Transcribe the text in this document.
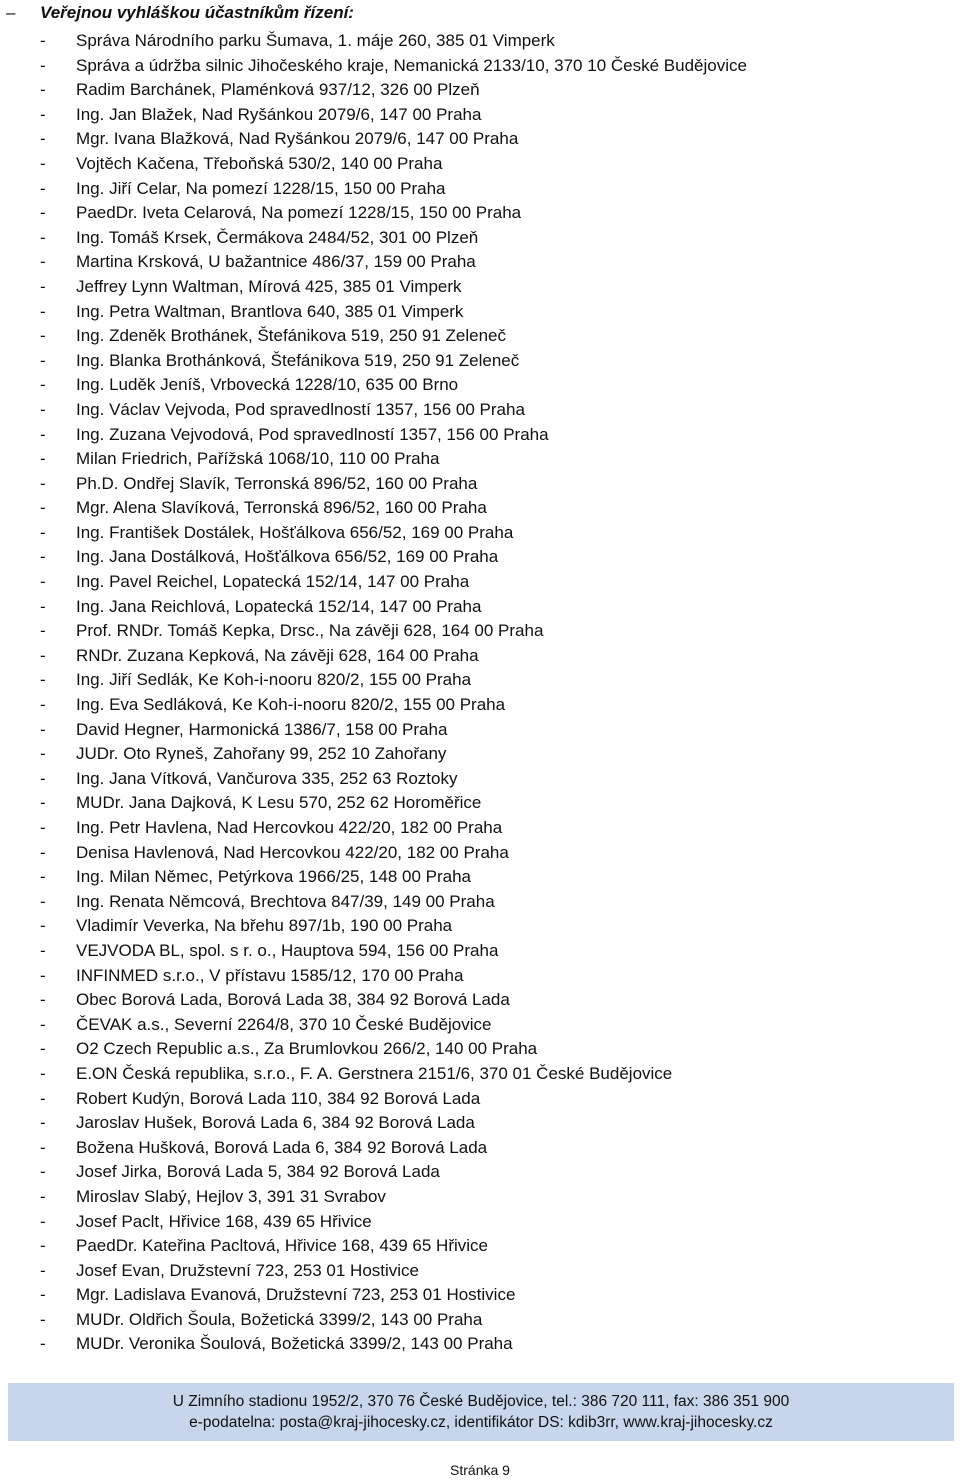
–	Veřejnou vyhláškou účastníkům řízení:
- Správa Národního parku Šumava, 1. máje 260, 385 01 Vimperk
- Správa a údržba silnic Jihočeského kraje, Nemanická 2133/10, 370 10 České Budějovice
- Radim Barchánek, Plaménková 937/12, 326 00 Plzeň
- Ing. Jan Blažek, Nad Ryšánkou 2079/6, 147 00 Praha
- Mgr. Ivana Blažková, Nad Ryšánkou 2079/6, 147 00 Praha
- Vojtěch Kačena, Třeboňská 530/2, 140 00 Praha
- Ing. Jiří Celar, Na pomezí 1228/15, 150 00 Praha
- PaedDr. Iveta Celarová, Na pomezí 1228/15, 150 00 Praha
- Ing. Tomáš Krsek, Čermákova 2484/52, 301 00 Plzeň
- Martina Krsková, U bažantnice 486/37, 159 00 Praha
- Jeffrey Lynn Waltman, Mírová 425, 385 01 Vimperk
- Ing. Petra Waltman, Brantlova 640, 385 01 Vimperk
- Ing. Zdeněk Brothánek, Štefánikova 519, 250 91 Zeleneč
- Ing. Blanka Brothánková, Štefánikova 519, 250 91 Zeleneč
- Ing. Luděk Jeníš, Vrbovecká 1228/10, 635 00 Brno
- Ing. Václav Vejvoda, Pod spravedlností 1357, 156 00 Praha
- Ing. Zuzana Vejvodová, Pod spravedlností 1357, 156 00 Praha
- Milan Friedrich, Pařížská 1068/10, 110 00 Praha
- Ph.D. Ondřej Slavík, Terronská 896/52, 160 00 Praha
- Mgr. Alena Slavíková, Terronská 896/52, 160 00 Praha
- Ing. František Dostálek, Hošťálkova 656/52, 169 00 Praha
- Ing. Jana Dostálková, Hošťálkova 656/52, 169 00 Praha
- Ing. Pavel Reichel, Lopatecká 152/14, 147 00 Praha
- Ing. Jana Reichlová, Lopatecká 152/14, 147 00 Praha
- Prof. RNDr. Tomáš Kepka, Drsc., Na závěji 628, 164 00 Praha
- RNDr. Zuzana Kepková, Na závěji 628, 164 00 Praha
- Ing. Jiří Sedlák, Ke Koh-i-nooru 820/2, 155 00 Praha
- Ing. Eva Sedláková, Ke Koh-i-nooru 820/2, 155 00 Praha
- David Hegner, Harmonická 1386/7, 158 00 Praha
- JUDr. Oto Ryneš, Zahořany 99, 252 10 Zahořany
- Ing. Jana Vítková, Vančurova 335, 252 63 Roztoky
- MUDr. Jana Dajková, K Lesu 570, 252 62 Horoměřice
- Ing. Petr Havlena, Nad Hercovkou 422/20, 182 00 Praha
- Denisa Havlenová, Nad Hercovkou 422/20, 182 00 Praha
- Ing. Milan Němec, Petýrkova 1966/25, 148 00 Praha
- Ing. Renata Němcová, Brechtova 847/39, 149 00 Praha
- Vladimír Veverka, Na břehu 897/1b, 190 00 Praha
- VEJVODA BL, spol. s r. o., Hauptova 594, 156 00 Praha
- INFINMED s.r.o., V přístavu 1585/12, 170 00 Praha
- Obec Borová Lada, Borová Lada 38, 384 92 Borová Lada
- ČEVAK a.s., Severní 2264/8, 370 10 České Budějovice
- O2 Czech Republic a.s., Za Brumlovkou 266/2, 140 00 Praha
- E.ON Česká republika, s.r.o., F. A. Gerstnera 2151/6, 370 01 České Budějovice
- Robert Kudýn, Borová Lada 110, 384 92 Borová Lada
- Jaroslav Hušek, Borová Lada 6, 384 92 Borová Lada
- Božena Hušková, Borová Lada 6, 384 92 Borová Lada
- Josef Jirka, Borová Lada 5, 384 92 Borová Lada
- Miroslav Slabý, Hejlov 3, 391 31 Svrabov
- Josef Paclt, Hřivice 168, 439 65 Hřivice
- PaedDr. Kateřina Pacltová, Hřivice 168, 439 65 Hřivice
- Josef Evan, Družstevní 723, 253 01 Hostivice
- Mgr. Ladislava Evanová, Družstevní 723, 253 01 Hostivice
- MUDr. Oldřich Šoula, Božetická 3399/2, 143 00 Praha
- MUDr. Veronika Šoulová, Božetická 3399/2, 143 00 Praha
U Zimního stadionu 1952/2, 370 76 České Budějovice, tel.: 386 720 111, fax: 386 351 900
e-podatelna: posta@kraj-jihocesky.cz, identifikátor DS: kdib3rr, www.kraj-jihocesky.cz
Stránka 9
